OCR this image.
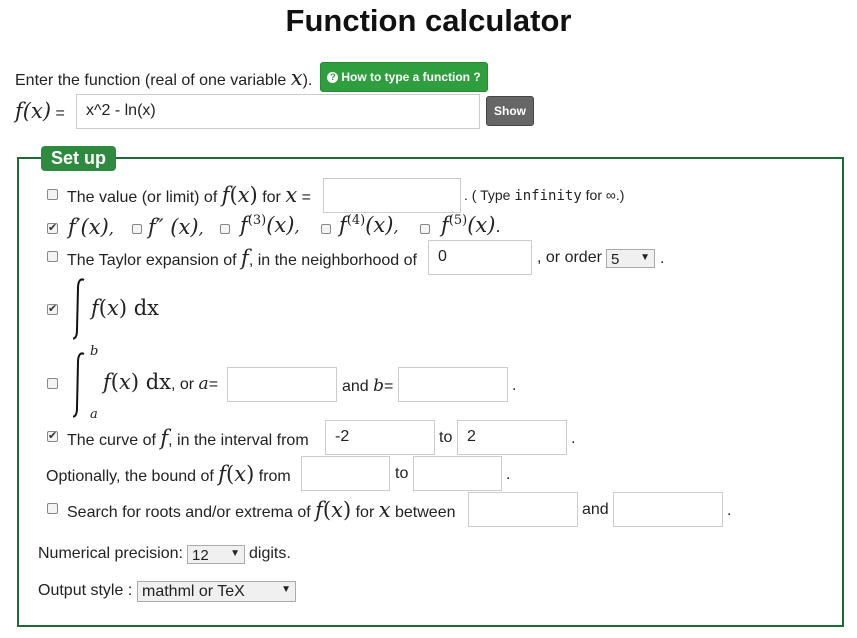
Function calculator
Enter the function (real of one variable x).	? How to type a function ?
f(x) =	x^2 - ln(x)	Show
Set up
The value (or limit) of f(x) for x =	. ( Type infinity for ∞.)
✔
f′(x), f″ (x), $f^{(3)}(x)$, $f^{(4)}(x)$, $f^{(5)}(x)$.
The Taylor expansion of f, in the neighborhood of	0	, or order 5 ▼ .
✔
f(x) dx
b
a
f(x) dx, or a=	and b=	.
✔
The curve of f, in the interval from	-2	to 2	.
Optionally, the bound of f(x) from	to	.
Search for roots and/or extrema of f(x) for x between	and	.
Numerical precision: 12 ▼ digits.
Output style : mathml or TeX	▼
